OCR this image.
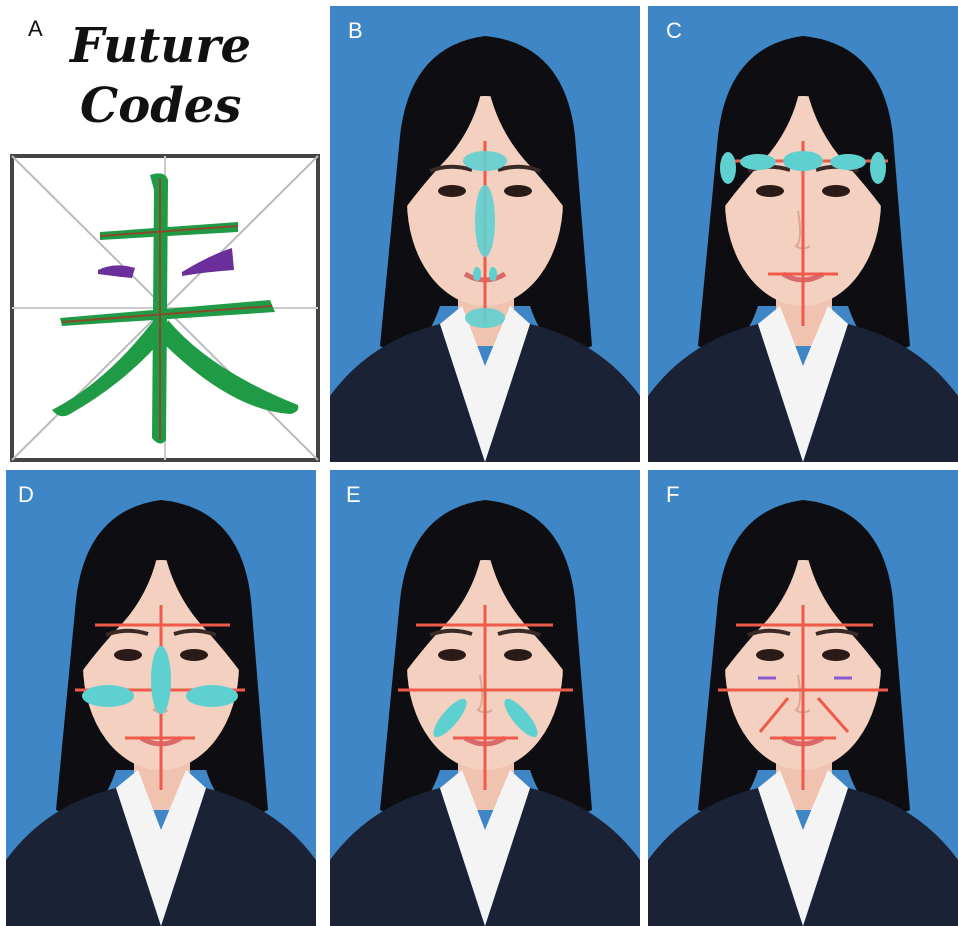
A Future
Codes
B	C
D	E	F
